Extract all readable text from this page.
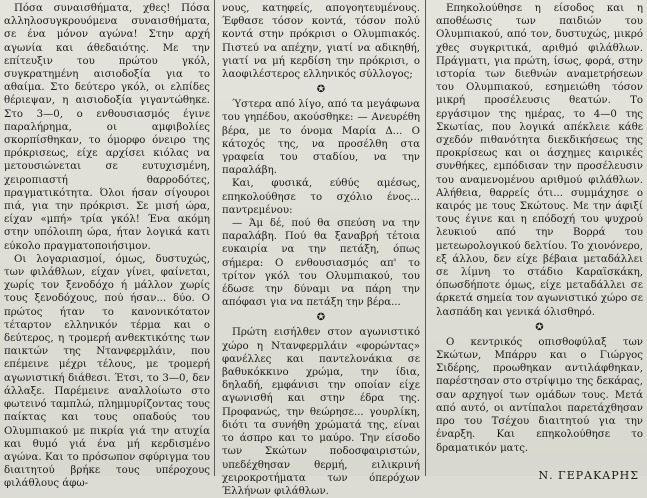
Πόσα συναισθήματα, χθες! Πόσα αλληλοσυγκρουόμενα συναισθήματα, σε ένα μόνον αγώνα! Στην αρχή αγωνία και άθεδαιότης. Με την επίτευξιν του πρώτου γκόλ, συγκρατημένη αισιοδοξία για το αθαίμα. Στο δεύτερο γκόλ, οι ελπίδες θέριεψαν, η αισιοδοξία γιγαντώθηκε. Στο 3—0, ο ενθουσιασμός έγινε παραλήρημα, οι αμφιβολίες σκορπίσθηκαν, το όμορφο όνειρο της πρόκρισεως, είχε αρχίσει κιόλας να μετουσιώνεται σε ευτυχισμένη, χειροπιαστή θαρροδότες, πραγματικότητα. Όλοι ήσαν σίγουροι πιά, για την πρόκρισι. Σε μισή ώρα, είχαν «μπή» τρία γκόλ! Ένα ακόμη στην υπόλοιπη ώρα, ήταν λογικά κατι εύκολο πραγματοποιήσιμον.

Οι λογαριασμοί, όμως, δυστυχώς, των φιλάθλων, είχαν γίνει, φαίνεται, χωρίς τον ξενοδόχο ή μάλλον χωρίς τους ξενοδόχους, πού ήσαν... δύο. Ο πρώτος ήταν το κανονικότατον τέταρτον ελληνικόν τέρμα και ο δεύτερος, η τρομερή ανθεκτικότης των παικτών της Ντανφερμλάιν, που επέμεινε μέχρι τέλους, με τρομερή αγωνιστική διάθεσι. Έτσι, το 3—0, δεν άλλαξε. Παρέμεινε αναλλοίωτο στο φωτεινό ταμπλώ, πλημμυρίζοντας τους παίκτας και τους οπαδούς του Ολυμπιακού με πικρία γιά την ατυχία και θυμό γιά ένα μή κερδισμένο αγώνα. Και το πρόσωπον σφύριγμα του διαιτητού βρήκε τους υπέροχους φιλάθλους άφω-

νους, κατηφείς, απογοητευμένους. Έφθασε τόσον κοντά, τόσον πολύ κοντά στην πρόκρισι ο Ολυμπιακός. Πιστεύ να απέχην, γιατί να αδικηθή, γιατί να μή κερδίση την πρόκρισι, ο λαοφιλέστερος ελληνικός σύλλογος;

✪

Ύστερα από λίγο, από τα μεγάφωνα του γηπέδου, ακούσθηκε: — Ανευρέθη βέρα, με το όνομα Μαρία Δ... Ο κάτοχός της, να προσέλθη στα γραφεία του σταδίου, να την παραλάβη.

Και, φυσικά, εύθύς αμέσως, επηκολούθησε το σχόλιο ένος... παντρεμένου:

— Άμ δέ, πού θα σπεύση να την παραλάβη. Πού θα ξαναβρή τέτοια ευκαιρία να την πετάξη, όπως σήμερα: Ο ενθουσιασμός απ' το τρίτον γκόλ του Ολυμπιακού, του έδωσε την δύναμι να πάρη την απόφασι για να πετάξη την βέρα...

✪

Πρώτη εισήλθεν στον αγωνιστικό χώρο η Ντανφερμλάιν «φορώντας» φανέλλες και παντελονάκια σε βαθυκόκκινο χρώμα, την ίδια, δηλαδή, εμφάνισι την οποίαν είχε αγωνισθή και στην έδρα της. Προφανώς, την θεώρησε... γουρλίκη, διότι τα συνήθη χρώματά της, είναι το άσπρο και το μαύρο. Την είσοδο των Σκώτων ποδοσφαιριστών, υπεδέχθησαν θερμή, ειλικρινή χειροκροτήματα των όπερόχων Έλλήνων φιλάθλων.

Επηκολούθησε η είσοδος και η αποθέωσις των παιδιών του Ολυμπιακού, από τον, δυστυχώς, μικρό χθες συγκριτικά, αριθμό φιλάθλων. Πράγματι, για πρώτη, ίσως, φορά, στην ιστορία των διεθνών αναμετρήσεων του Ολυμπιακού, εσημειώθη τόσον μικρή προσέλευσις θεατών. Το εργάσιμον της ημέρας, το 4—0 της Σκωτίας, που λογικά απέκλειε κάθε σχεδόν πιθανότητα διεκδικήσεως της προκρίσεως και οι άσχημες καιρικές συνθήκες, εμπόδισαν την προσέλευσιν του αναμενομένου αριθμού φιλάθλων. Αλήθεια, θαρρείς ότι... συμμάχησε ο καιρός με τους Σκώτους. Με την άφιξί τους έγινε και η επόδοχή του ψυχρού λευκιού από την Βορρά του μετεωρολογικού δελτίου. Το χιονόνερο, εξ άλλου, δεν είχε βέβαια μεταδάλλει σε λίμνη το στάδιο Καραϊσκάκη, όπωσδήποτε όμως, είχε μεταδάλλει σε άρκετά σημεία τον αγωνιστικό χώρο σε λασπάδη και γενικά όλισθηρό.

✪

Ο κεντρικός οπισθοφύλαξ των Σκώτων, Μπάρρυ και ο Γιώργος Σιδέρης, προωθηκαν αντιλάφθηκαν, παρέστησαν στο στρίψιμο της δεκάρας, σαν αρχηγοί των ομάδων τους. Μετά από αυτό, οι αντίπαλοι παρετάχθησαν προ του Τσέχου διαιτητού για την έναρξη. Και επηκολούθησε το δραματικόν ματς.

Ν. ΓΕΡΑΚΑΡΗΣ
